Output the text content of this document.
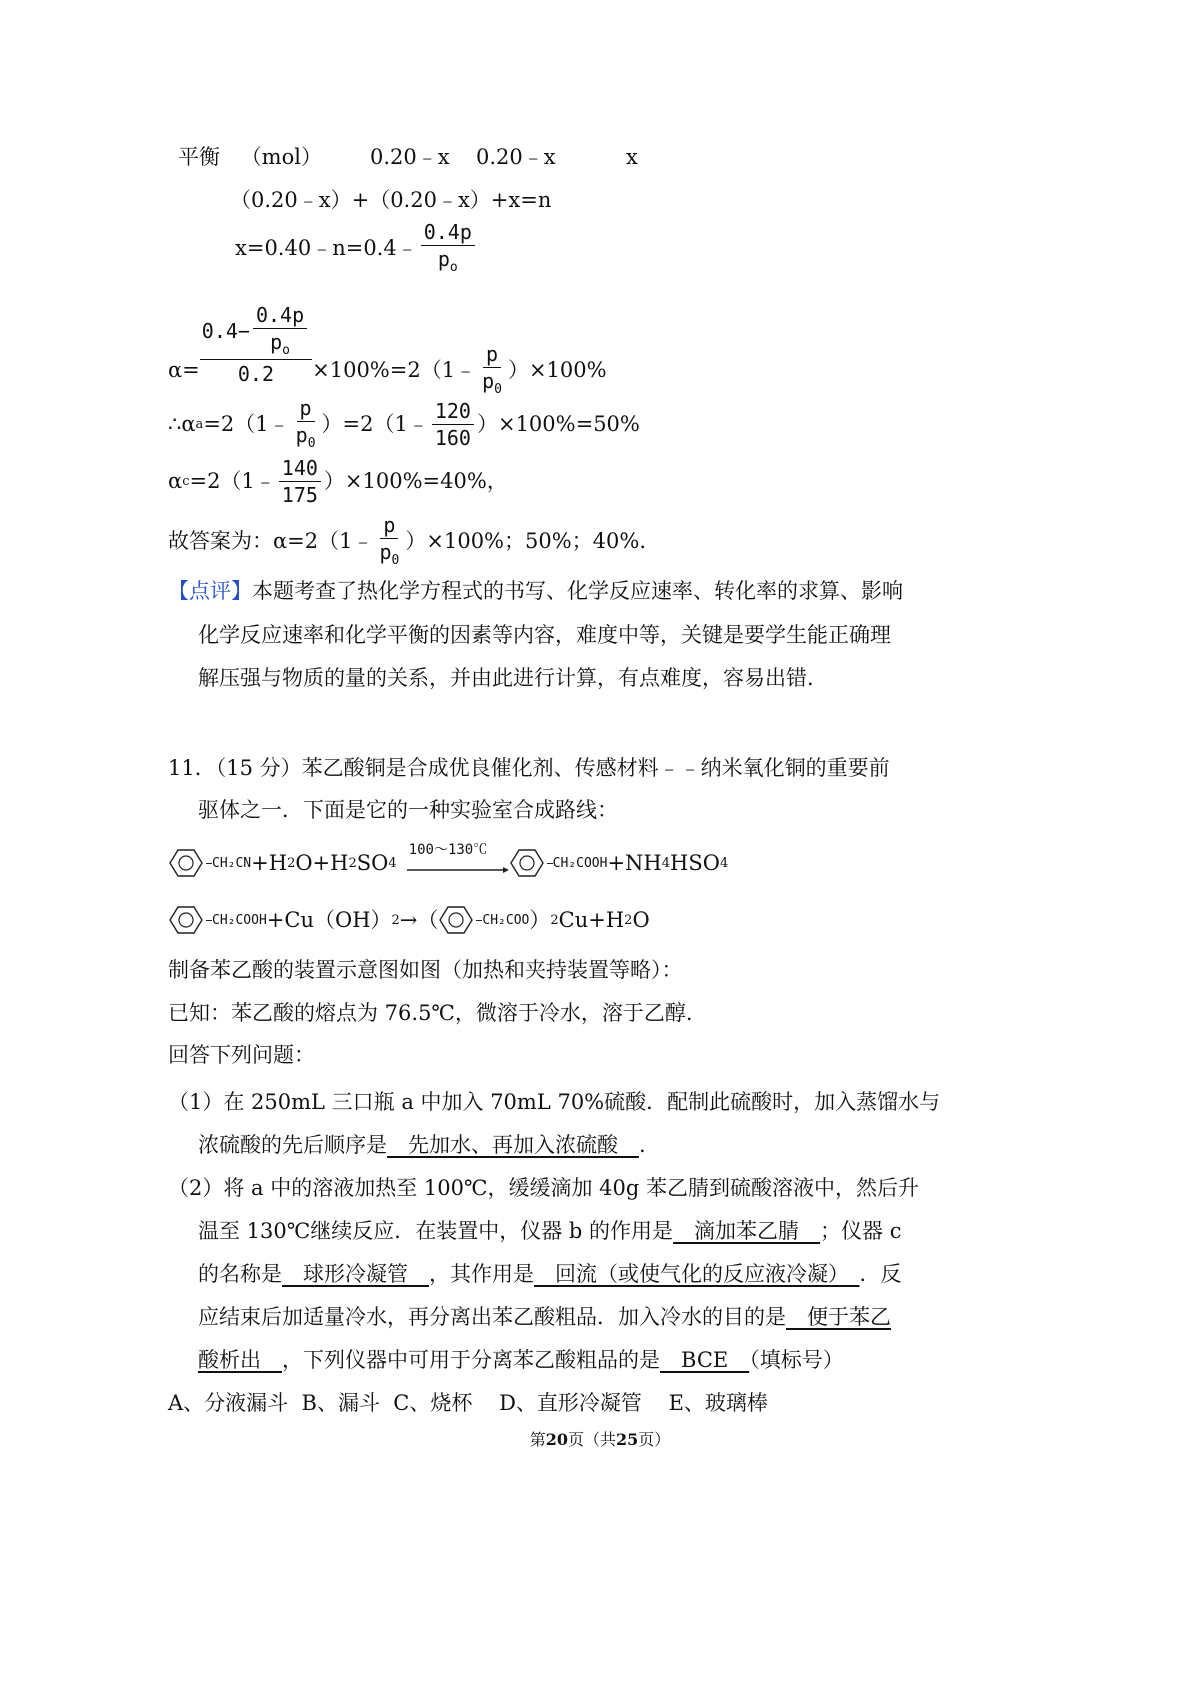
平衡 （mol） 0.20﹣x 0.20﹣x	x
（0.20﹣x）+（0.20﹣x）+x=n
x=0.40﹣n=0.4﹣ $\frac{0.4p}{p_o}$
$\alpha= \frac{0.4- \frac{0.4p}{p_o}}{0.2}$ ×100%=2（1﹣ $\frac{p}{p_0} )\times 100\%$
∴α a =2（1﹣ $\frac{p}{p_0}$ ）=2（1﹣ $\frac{120}{160} )\times 100\%=50\%$
α c =2（1﹣ $\frac{140}{175} )\times 100\%=40\%$，
故答案为：α=2（1﹣ $\frac{p}{p_0} )\times 100\%$；50%；40%.
【点评】本题考查了热化学方程式的书写、化学反应速率、转化率的求算、影响
化学反应速率和化学平衡的因素等内容，难度中等，关键是要学生能正确理
解压强与物质的量的关系，并由此进行计算，有点难度，容易出错.
11．（15 分）苯乙酸铜是合成优良催化剂、传感材料﹣﹣纳米氧化铜的重要前
驱体之一．下面是它的一种实验室合成路线：
CH₂CN +H 2 O+H 2 SO 4
100～130℃
CH₂COOH +NH 4 HSO 4
CH₂COOH +Cu（OH） 2 →（	CH₂COO ） 2 Cu+H 2 O
制备苯乙酸的装置示意图如图（加热和夹持装置等略）：
已知：苯乙酸的熔点为 76.5℃，微溶于冷水，溶于乙醇.
回答下列问题：
（1）在 250mL 三口瓶 a 中加入 70mL 70%硫酸．配制此硫酸时，加入蒸馏水与
浓硫酸的先后顺序是　先加水、再加入浓硫酸　.
（2）将 a 中的溶液加热至 100℃，缓缓滴加 40g 苯乙腈到硫酸溶液中，然后升
温至 130℃继续反应．在装置中，仪器 b 的作用是　滴加苯乙腈　；仪器 c
的名称是　球形冷凝管　，其作用是　回流（或使气化的反应液冷凝）　．反
应结束后加适量冷水，再分离出苯乙酸粗品．加入冷水的目的是　便于苯乙
酸析出　，下列仪器中可用于分离苯乙酸粗品的是　BCE　（填标号）
A、分液漏斗  B、漏斗  C、烧杯    D、直形冷凝管    E、玻璃棒
第20页（共25页）
